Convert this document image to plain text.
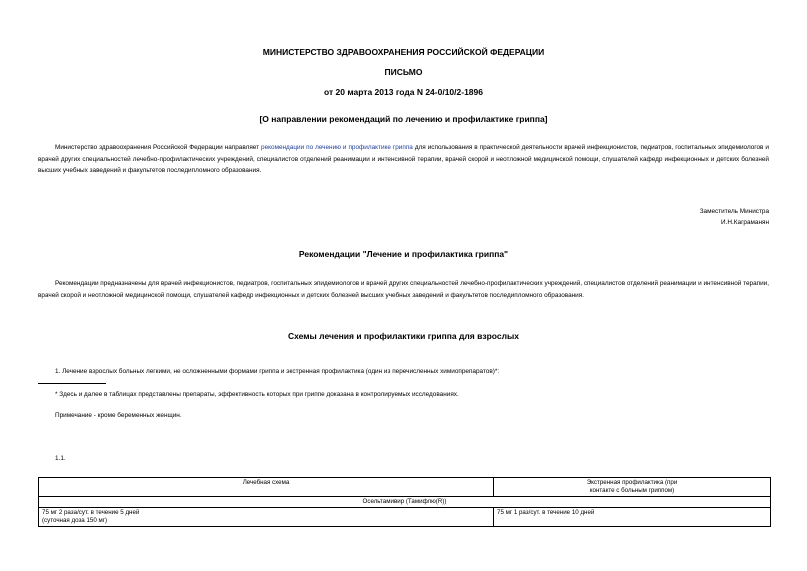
МИНИСТЕРСТВО ЗДРАВООХРАНЕНИЯ РОССИЙСКОЙ ФЕДЕРАЦИИ
ПИСЬМО
от 20 марта 2013 года N 24-0/10/2-1896
[О направлении рекомендаций по лечению и профилактике гриппа]
Министерство здравоохранения Российской Федерации направляет рекомендации по лечению и профилактике гриппа для использования в практической деятельности врачей инфекционистов, педиатров, госпитальных эпидемиологов и врачей других специальностей лечебно-профилактических учреждений, специалистов отделений реанимации и интенсивной терапии, врачей скорой и неотложной медицинской помощи, слушателей кафедр инфекционных и детских болезней высших учебных заведений и факультетов последипломного образования.
Заместитель Министра
И.Н.Каграманян
Рекомендации "Лечение и профилактика гриппа"
Рекомендации предназначены для врачей инфекционистов, педиатров, госпитальных эпидемиологов и врачей других специальностей лечебно-профилактических учреждений, специалистов отделений реанимации и интенсивной терапии, врачей скорой и неотложной медицинской помощи, слушателей кафедр инфекционных и детских болезней высших учебных заведений и факультетов последипломного образования.
Схемы лечения и профилактики гриппа для взрослых
1. Лечение взрослых больных легкими, не осложненными формами гриппа и экстренная профилактика (один из перечисленных химиопрепаратов)*:
* Здесь и далее в таблицах представлены препараты, эффективность которых при гриппе доказана в контролируемых исследованиях.
Примечание - кроме беременных женщин.
1.1.
Лечебная схема	Экстренная профилактика (при
контакте с больным гриппом)

Осельтамивир (Тамифлю(R))	

75 мг 2 раза/сут. в течение 5 дней
(суточная доза 150 мг)	75 мг 1 раз/сут. в течение 10 дней
